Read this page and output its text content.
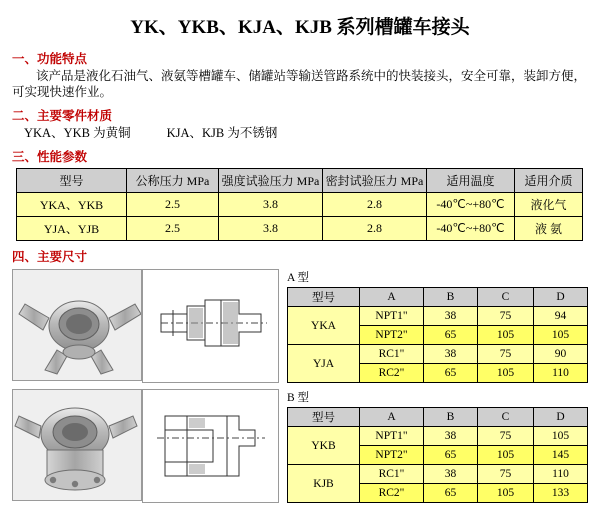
YK、YKB、KJA、KJB 系列槽罐车接头
一、功能特点

该产品是液化石油气、液氨等槽罐车、储罐站等输送管路系统中的快装接头，安全可靠，装卸方便，可实现快速作业。

二、主要零件材质

YKA、YKB 为黄铜	KJA、KJB 为不锈钢

三、性能参数
型号	公称压力 MPa	强度试验压力 MPa	密封试验压力 MPa	适用温度	适用介质
YKA、YKB	2.5	3.8	2.8	-40℃~+80℃	液化气
YJA、YJB	2.5	3.8	2.8	-40℃~+80℃	液 氨
四、主要尺寸
A 型
型号	A	B	C	D
YKA	NPT1"	38	75	94
	NPT2"	65	105	105
YJA	RC1"	38	75	90
	RC2"	65	105	110
B 型
型号	A	B	C	D
YKB	NPT1"	38	75	105
	NPT2"	65	105	145
KJB	RC1"	38	75	110
	RC2"	65	105	133
